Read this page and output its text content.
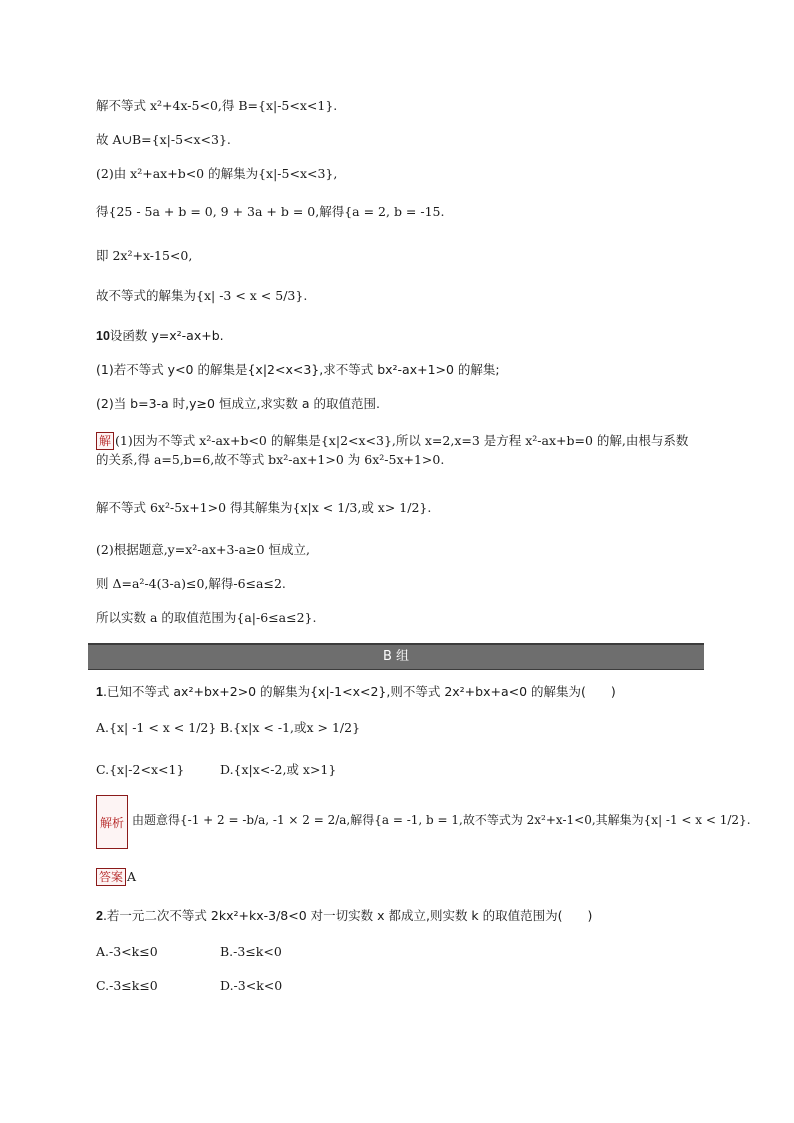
解不等式 x²+4x-5<0,得 B={x|-5<x<1}.
故 A∪B={x|-5<x<3}.
(2)由 x²+ax+b<0 的解集为{x|-5<x<3},
得{25 - 5a + b = 0, 9 + 3a + b = 0,解得{a = 2, b = -15.
即 2x²+x-15<0,
故不等式的解集为{x| -3 < x < 5/3}.
10设函数 y=x²-ax+b.
(1)若不等式 y<0 的解集是{x|2<x<3},求不等式 bx²-ax+1>0 的解集;
(2)当 b=3-a 时,y≥0 恒成立,求实数 a 的取值范围.
解 (1)因为不等式 x²-ax+b<0 的解集是{x|2<x<3},所以 x=2,x=3 是方程 x²-ax+b=0 的解,由根与系数
的关系,得 a=5,b=6,故不等式 bx²-ax+1>0 为 6x²-5x+1>0.
解不等式 6x²-5x+1>0 得其解集为{x|x < 1/3,或 x> 1/2}.
(2)根据题意,y=x²-ax+3-a≥0 恒成立,
则 Δ=a²-4(3-a)≤0,解得-6≤a≤2.
所以实数 a 的取值范围为{a|-6≤a≤2}.
B 组
1.已知不等式 ax²+bx+2>0 的解集为{x|-1<x<2},则不等式 2x²+bx+a<0 的解集为(　　)
A.{x| -1 < x < 1/2} B.{x|x < -1,或x > 1/2}
C.{x|-2<x<1}	D.{x|x<-2,或 x>1}
解析 由题意得{-1 + 2 = -b/a, -1 × 2 = 2/a,解得{a = -1, b = 1,故不等式为 2x²+x-1<0,其解集为{x| -1 < x < 1/2}.
答案 A
2.若一元二次不等式 2kx²+kx-3/8<0 对一切实数 x 都成立,则实数 k 的取值范围为(　　)
A.-3<k≤0	B.-3≤k<0
C.-3≤k≤0	D.-3<k<0
